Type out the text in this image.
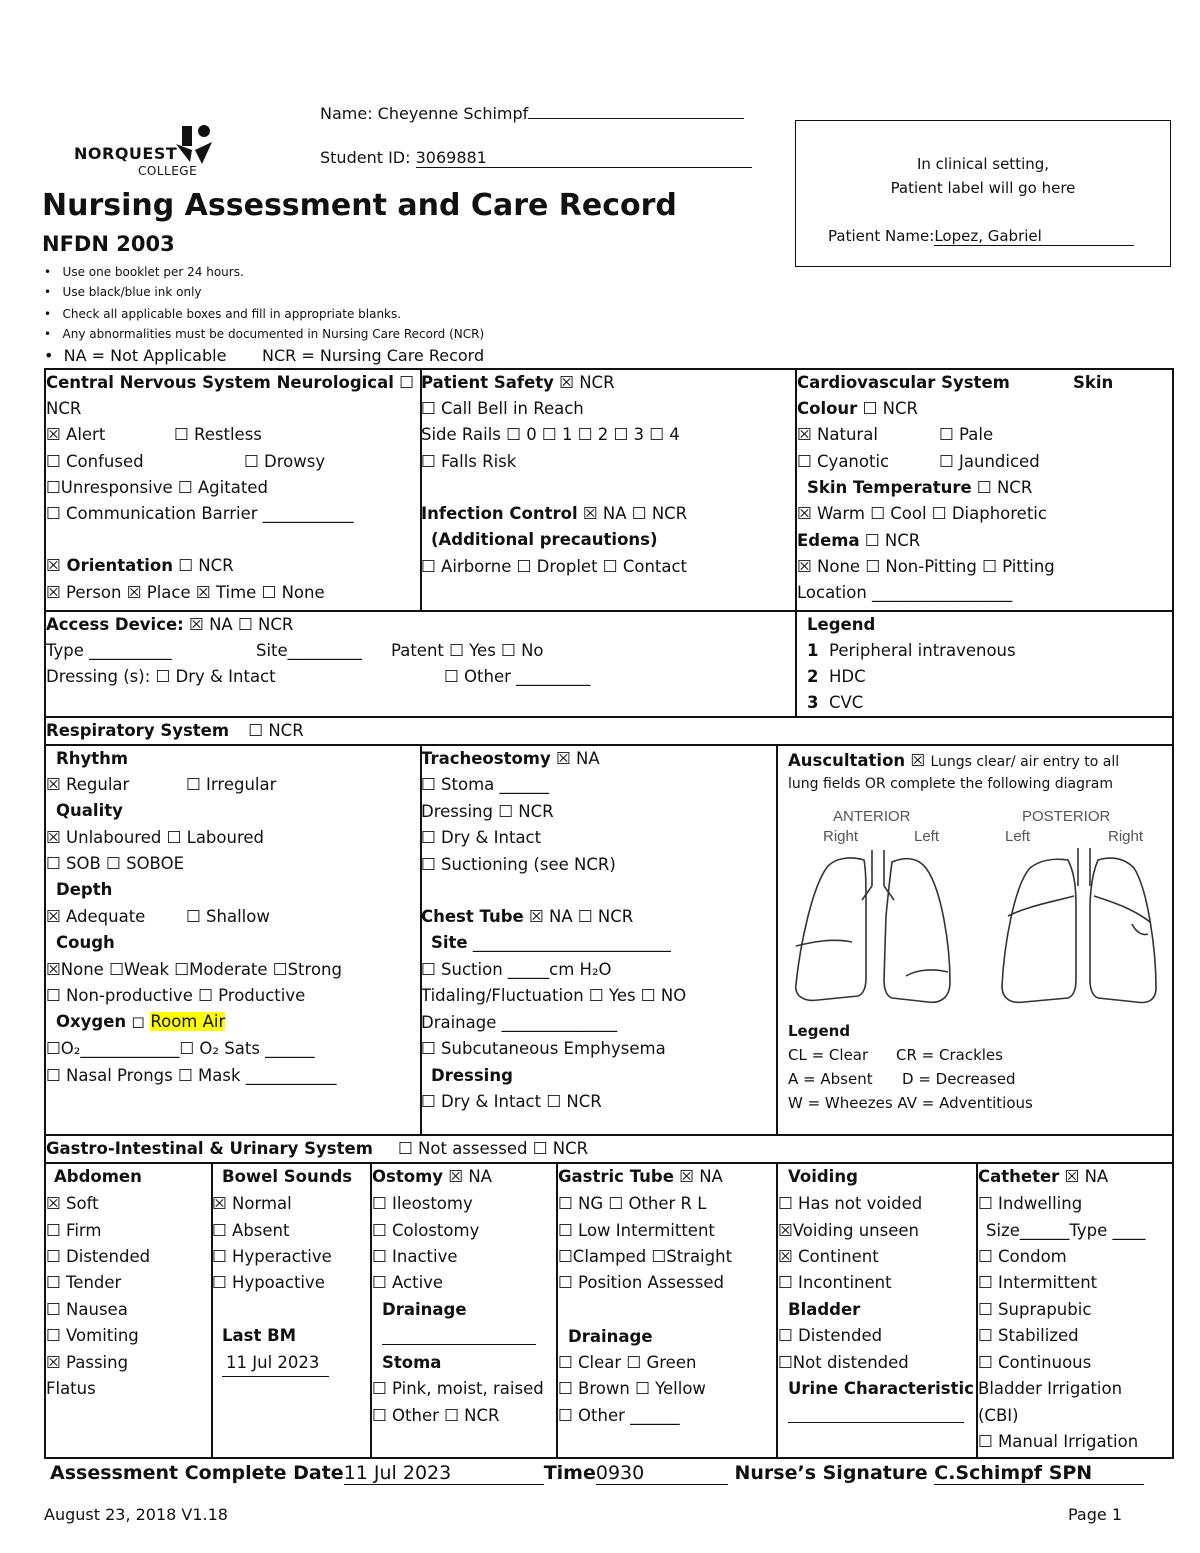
NORQUEST
COLLEGE
Name: Cheyenne Schimpf
Student ID: 3069881
Nursing Assessment and Care Record
NFDN 2003
•   Use one booklet per 24 hours.
•   Use black/blue ink only
•   Check all applicable boxes and fill in appropriate blanks.
•   Any abnormalities must be documented in Nursing Care Record (NCR)
•  NA = Not Applicable NCR = Nursing Care Record
In clinical setting,
Patient label will go here
Patient Name:Lopez, Gabriel
Central Nervous System Neurological ☐
NCR
☒ Alert	☐ Restless
☐ Confused	☐ Drowsy
☐Unresponsive ☐ Agitated
☐ Communication Barrier ___________
☒ Orientation ☐ NCR
☒ Person ☒ Place ☒ Time ☐ None
Patient Safety ☒ NCR
☐ Call Bell in Reach
Side Rails ☐ 0 ☐ 1 ☐ 2 ☐ 3 ☐ 4
☐ Falls Risk
Infection Control ☒ NA ☐ NCR
(Additional precautions)
☐ Airborne ☐ Droplet ☐ Contact
Cardiovascular System	Skin
Colour ☐ NCR
☒ Natural	☐ Pale
☐ Cyanotic	☐ Jaundiced
Skin Temperature ☐ NCR
☒ Warm ☐ Cool ☐ Diaphoretic
Edema ☐ NCR
☒ None ☐ Non-Pitting ☐ Pitting
Location _________________
Access Device: ☒ NA ☐ NCR
Type __________	Site_________ Patent ☐ Yes ☐ No
Dressing (s): ☐ Dry & Intact	☐ Other _________
Legend
1 Peripheral intravenous
2 HDC
3 CVC
Respiratory System ☐ NCR
Rhythm
☒ Regular	☐ Irregular
Quality
☒ Unlaboured ☐ Laboured
☐ SOB ☐ SOBOE
Depth
☒ Adequate ☐ Shallow
Cough
☒None ☐Weak ☐Moderate ☐Strong
☐ Non-productive ☐ Productive
Oxygen ◻ Room Air
☐O₂____________☐ O₂ Sats ______
☐ Nasal Prongs ☐ Mask ___________
Tracheostomy ☒ NA
☐ Stoma ______
Dressing ☐ NCR
☐ Dry & Intact
☐ Suctioning (see NCR)
Chest Tube ☒ NA ☐ NCR
Site ________________________
☐ Suction _____cm H₂O
Tidaling/Fluctuation ☐ Yes ☐ NO
Drainage ______________
☐ Subcutaneous Emphysema
Dressing
☐ Dry & Intact ☐ NCR
Auscultation ☒ Lungs clear/ air entry to all
lung fields OR complete the following diagram
ANTERIOR	POSTERIOR
Right	Left	Left	Right
Legend
CL = Clear CR = Crackles
A = Absent D = Decreased
W = Wheezes AV = Adventitious
Gastro-Intestinal & Urinary System ☐ Not assessed ☐ NCR
Abdomen
☒ Soft
☐ Firm
☐ Distended
☐ Tender
☐ Nausea
☐ Vomiting
☒ Passing
Flatus
Bowel Sounds
☒ Normal
☐ Absent
☐ Hyperactive
☐ Hypoactive
Last BM
11 Jul 2023
Ostomy ☒ NA
☐ Ileostomy
☐ Colostomy
☐ Inactive
☐ Active
Drainage
Stoma
☐ Pink, moist, raised
☐ Other ☐ NCR
Gastric Tube ☒ NA
☐ NG ☐ Other R L
☐ Low Intermittent
☐Clamped ☐Straight
☐ Position Assessed
Drainage
☐ Clear ☐ Green
☐ Brown ☐ Yellow
☐ Other ______
Voiding
☐ Has not voided
☒Voiding unseen
☒ Continent
☐ Incontinent
Bladder
☐ Distended
☐Not distended
Urine Characteristic
Catheter ☒ NA
☐ Indwelling
Size______Type ____
☐ Condom
☐ Intermittent
☐ Suprapubic
☐ Stabilized
☐ Continuous
Bladder Irrigation
(CBI)
☐ Manual Irrigation
Assessment Complete Date11 Jul 2023	Time0930	Nurse’s Signature C.Schimpf SPN
August 23, 2018 V1.18	Page 1
